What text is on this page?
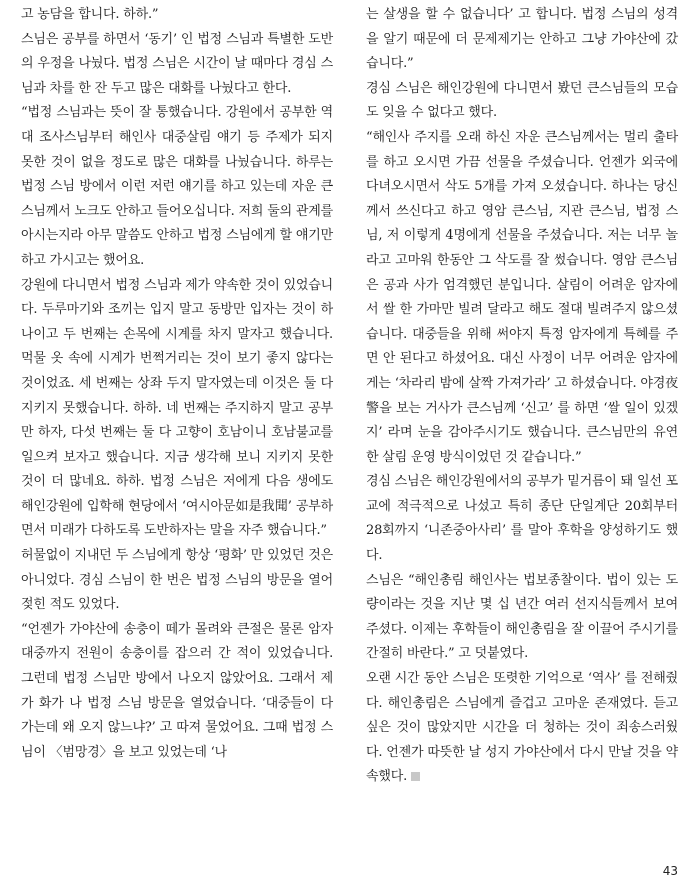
고 농담을 합니다. 하하.”

스님은 공부를 하면서 ‘동기’ 인 법정 스님과 특별한 도반의 우정을 나눴다. 법정 스님은 시간이 날 때마다 경심 스님과 차를 한 잔 두고 많은 대화를 나눴다고 한다.

“법정 스님과는 뜻이 잘 통했습니다. 강원에서 공부한 역대 조사스님부터 해인사 대중살림 얘기 등 주제가 되지 못한 것이 없을 정도로 많은 대화를 나눴습니다. 하루는 법정 스님 방에서 이런 저런 얘기를 하고 있는데 자운 큰스님께서 노크도 안하고 들어오십니다. 저희 둘의 관계를 아시는지라 아무 말씀도 안하고 법정 스님에게 할 얘기만 하고 가시고는 했어요.

강원에 다니면서 법정 스님과 제가 약속한 것이 있었습니다. 두루마기와 조끼는 입지 말고 동방만 입자는 것이 하나이고 두 번째는 손목에 시계를 차지 말자고 했습니다. 먹물 옷 속에 시계가 번쩍거리는 것이 보기 좋지 않다는 것이었죠. 세 번째는 상좌 두지 말자였는데 이것은 둘 다 지키지 못했습니다. 하하. 네 번째는 주지하지 말고 공부만 하자, 다섯 번째는 둘 다 고향이 호남이니 호남불교를 일으켜 보자고 했습니다. 지금 생각해 보니 지키지 못한 것이 더 많네요. 하하. 법정 스님은 저에게 다음 생에도 해인강원에 입학해 현당에서 ‘여시아문如是我聞’ 공부하면서 미래가 다하도록 도반하자는 말을 자주 했습니다.”

허물없이 지내던 두 스님에게 항상 ‘평화’ 만 있었던 것은 아니었다. 경심 스님이 한 번은 법정 스님의 방문을 열어젖힌 적도 있었다.

“언젠가 가야산에 송충이 떼가 몰려와 큰절은 물론 암자 대중까지 전원이 송충이를 잡으러 간 적이 있었습니다. 그런데 법정 스님만 방에서 나오지 않았어요. 그래서 제가 화가 나 법정 스님 방문을 열었습니다. ‘대중들이 다 가는데 왜 오지 않느냐?’ 고 따져 물었어요. 그때 법정 스님이 〈범망경〉을 보고 있었는데 ‘나

는 살생을 할 수 없습니다’ 고 합니다. 법정 스님의 성격을 알기 때문에 더 문제제기는 안하고 그냥 가야산에 갔습니다.”

경심 스님은 해인강원에 다니면서 봤던 큰스님들의 모습도 잊을 수 없다고 했다.

“해인사 주지를 오래 하신 자운 큰스님께서는 멀리 출타를 하고 오시면 가끔 선물을 주셨습니다. 언젠가 외국에 다녀오시면서 삭도 5개를 가져 오셨습니다. 하나는 당신께서 쓰신다고 하고 영암 큰스님, 지관 큰스님, 법정 스님, 저 이렇게 4명에게 선물을 주셨습니다. 저는 너무 놀라고 고마워 한동안 그 삭도를 잘 썼습니다. 영암 큰스님은 공과 사가 엄격했던 분입니다. 살림이 어려운 암자에서 쌀 한 가마만 빌려 달라고 해도 절대 빌려주지 않으셨습니다. 대중들을 위해 써야지 특정 암자에게 특혜를 주면 안 된다고 하셨어요. 대신 사정이 너무 어려운 암자에게는 ‘차라리 밤에 살짝 가져가라’ 고 하셨습니다. 야경夜警을 보는 거사가 큰스님께 ‘신고’ 를 하면 ‘쌀 일이 있겠지’ 라며 눈을 감아주시기도 했습니다. 큰스님만의 유연한 살림 운영 방식이었던 것 같습니다.”

경심 스님은 해인강원에서의 공부가 밑거름이 돼 일선 포교에 적극적으로 나섰고 특히 종단 단일계단 20회부터 28회까지 ‘니존중아사리’ 를 말아 후학을 양성하기도 했다.

스님은 “해인총림 해인사는 법보종찰이다. 법이 있는 도량이라는 것을 지난 몇 십 년간 여러 선지식들께서 보여 주셨다. 이제는 후학들이 해인총림을 잘 이끌어 주시기를 간절히 바란다.” 고 덧붙였다.

오랜 시간 동안 스님은 또렷한 기억으로 ‘역사’ 를 전해줬다. 해인총림은 스님에게 즐겁고 고마운 존재였다. 듣고 싶은 것이 많았지만 시간을 더 청하는 것이 죄송스러웠다. 언젠가 따뜻한 날 성지 가야산에서 다시 만날 것을 약속했다.

43
